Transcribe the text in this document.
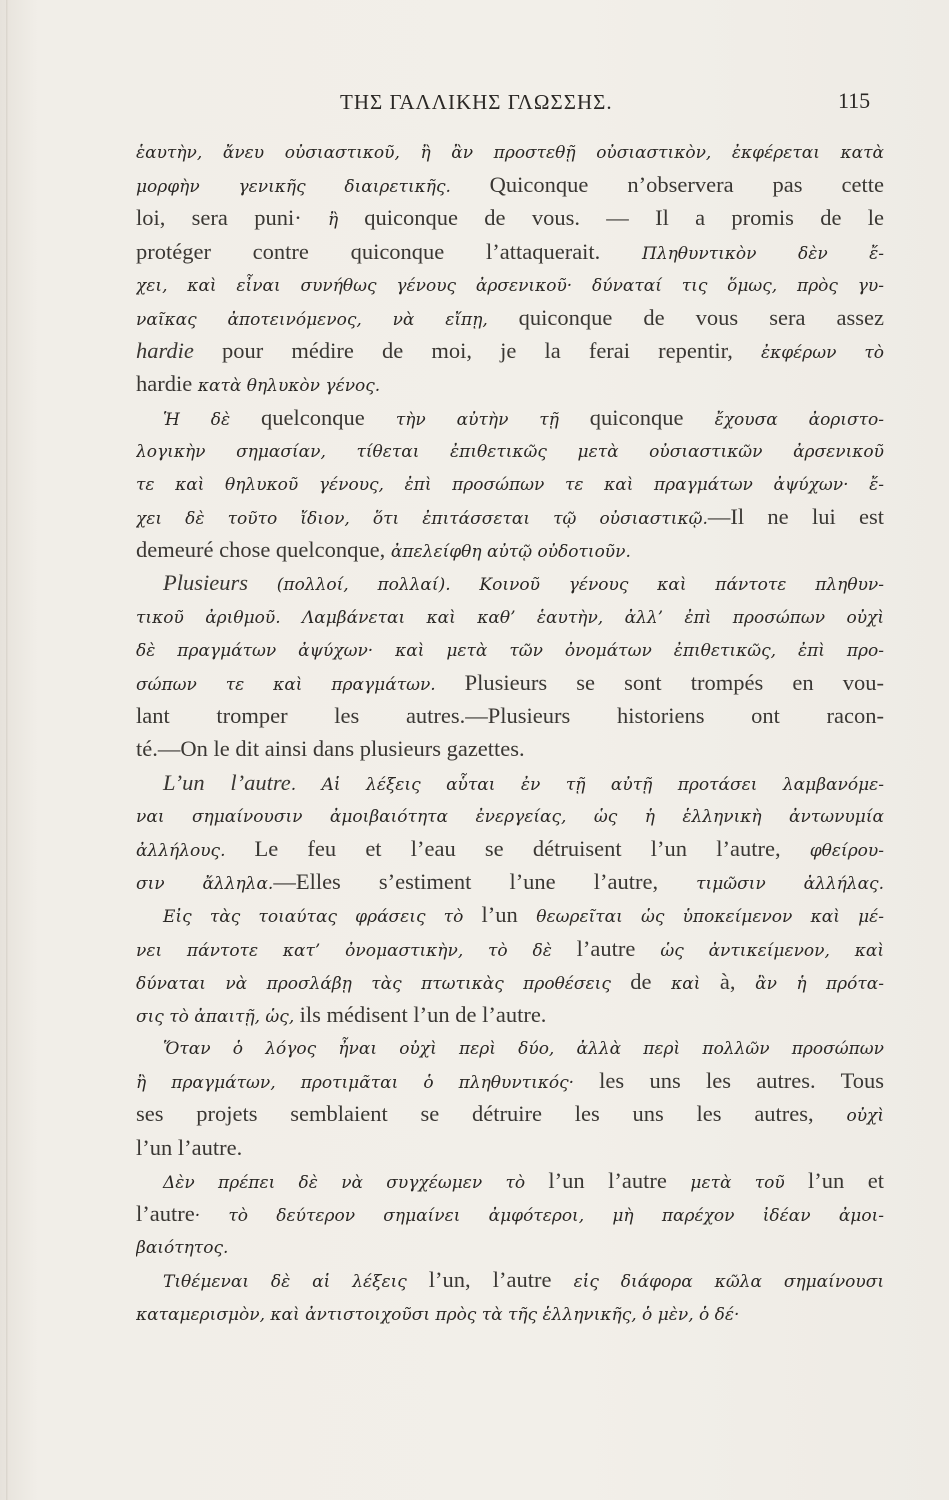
ΤΗΣ ΓΑΛΛΙΚΗΣ ΓΛΩΣΣΗΣ.	115
ἑαυτὴν, ἄνευ οὐσιαστικοῦ, ἢ ἂν προστεθῇ οὐσιαστικὸν, ἐκφέρεται κατὰ
μορφὴν γενικῆς διαιρετικῆς. Quiconque n’observera pas cette
loi, sera puni· ἢ quiconque de vous. — Il a promis de le
protéger contre quiconque l’attaquerait. Πληθυντικὸν δὲν ἔ-
χει, καὶ εἶναι συνήθως γένους ἀρσενικοῦ· δύναταί τις ὅμως, πρὸς γυ-
ναῖκας ἀποτεινόμενος, νὰ εἴπῃ, quiconque de vous sera assez
hardie pour médire de moi, je la ferai repentir, ἐκφέρων τὸ
hardie κατὰ θηλυκὸν γένος.
Ἡ δὲ quelconque τὴν αὐτὴν τῇ quiconque ἔχουσα ἀοριστο-
λογικὴν σημασίαν, τίθεται ἐπιθετικῶς μετὰ οὐσιαστικῶν ἀρσενικοῦ
τε καὶ θηλυκοῦ γένους, ἐπὶ προσώπων τε καὶ πραγμάτων ἀψύχων· ἔ-
χει δὲ τοῦτο ἴδιον, ὅτι ἐπιτάσσεται τῷ οὐσιαστικῷ.—Il ne lui est
demeuré chose quelconque, ἀπελείφθη αὐτῷ οὐδοτιοῦν.
Plusieurs (πολλοί, πολλαί). Κοινοῦ γένους καὶ πάντοτε πληθυν-
τικοῦ ἀριθμοῦ. Λαμβάνεται καὶ καθ’ ἑαυτὴν, ἀλλ’ ἐπὶ προσώπων οὐχὶ
δὲ πραγμάτων ἀψύχων· καὶ μετὰ τῶν ὀνομάτων ἐπιθετικῶς, ἐπὶ προ-
σώπων τε καὶ πραγμάτων. Plusieurs se sont trompés en vou-
lant tromper les autres.—Plusieurs historiens ont racon-
té.—On le dit ainsi dans plusieurs gazettes.
L’un l’autre. Αἱ λέξεις αὗται ἐν τῇ αὐτῇ προτάσει λαμβανόμε-
ναι σημαίνουσιν ἀμοιβαιότητα ἐνεργείας, ὡς ἡ ἑλληνικὴ ἀντωνυμία
ἀλλήλους. Le feu et l’eau se détruisent l’un l’autre, φθείρου-
σιν ἄλληλα.—Elles s’estiment l’une l’autre, τιμῶσιν ἀλλήλας.
Εἰς τὰς τοιαύτας φράσεις τὸ l’un θεωρεῖται ὡς ὑποκείμενον καὶ μέ-
νει πάντοτε κατ’ ὀνομαστικὴν, τὸ δὲ l’autre ὡς ἀντικείμενον, καὶ
δύναται νὰ προσλάβῃ τὰς πτωτικὰς προθέσεις de καὶ à, ἂν ἡ πρότα-
σις τὸ ἀπαιτῇ, ὡς, ils médisent l’un de l’autre.
Ὅταν ὁ λόγος ἦναι οὐχὶ περὶ δύο, ἀλλὰ περὶ πολλῶν προσώπων
ἢ πραγμάτων, προτιμᾶται ὁ πληθυντικός· les uns les autres. Tous
ses projets semblaient se détruire les uns les autres, οὐχὶ
l’un l’autre.
Δὲν πρέπει δὲ νὰ συγχέωμεν τὸ l’un l’autre μετὰ τοῦ l’un et
l’autre· τὸ δεύτερον σημαίνει ἀμφότεροι, μὴ παρέχον ἰδέαν ἀμοι-
βαιότητος.
Τιθέμεναι δὲ αἱ λέξεις l’un, l’autre εἰς διάφορα κῶλα σημαίνουσι
καταμερισμὸν, καὶ ἀντιστοιχοῦσι πρὸς τὰ τῆς ἑλληνικῆς, ὁ μὲν, ὁ δέ·
